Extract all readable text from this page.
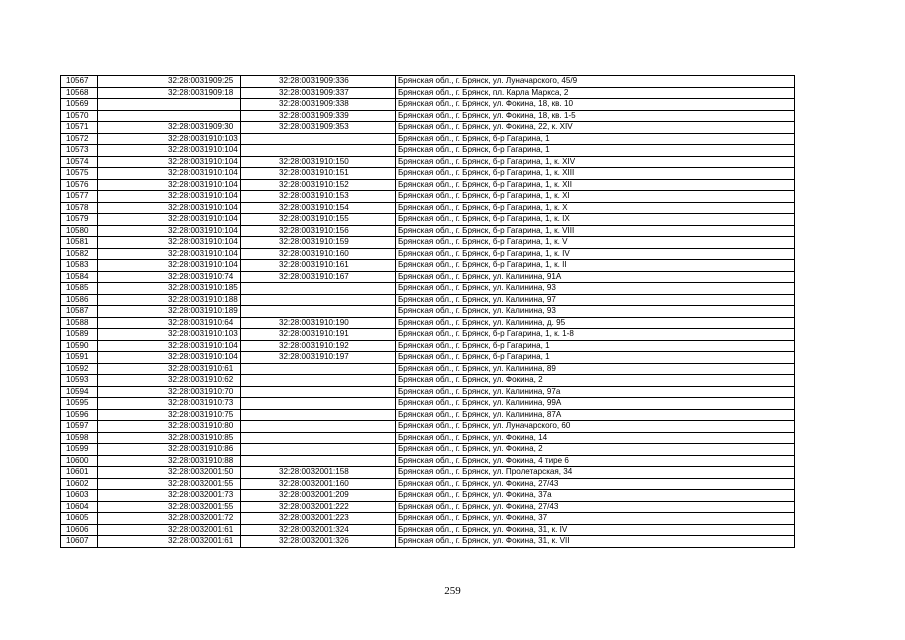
10567	32:28:0031909:25	32:28:0031909:336	Брянская обл., г. Брянск, ул. Луначарского, 45/9
10568	32:28:0031909:18	32:28:0031909:337	Брянская обл., г. Брянск, пл. Карла Маркса, 2
10569		32:28:0031909:338	Брянская обл., г. Брянск, ул. Фокина, 18, кв. 10
10570		32:28:0031909:339	Брянская обл., г. Брянск, ул. Фокина, 18, кв. 1-5
10571	32:28:0031909:30	32:28:0031909:353	Брянская обл., г. Брянск, ул. Фокина, 22, к. XIV
10572	32:28:0031910:103		Брянская обл., г. Брянск, б-р Гагарина, 1
10573	32:28:0031910:104		Брянская обл., г. Брянск, б-р Гагарина, 1
10574	32:28:0031910:104	32:28:0031910:150	Брянская обл., г. Брянск, б-р Гагарина, 1, к. XIV
10575	32:28:0031910:104	32:28:0031910:151	Брянская обл., г. Брянск, б-р Гагарина, 1, к. XIII
10576	32:28:0031910:104	32:28:0031910:152	Брянская обл., г. Брянск, б-р Гагарина, 1, к. XII
10577	32:28:0031910:104	32:28:0031910:153	Брянская обл., г. Брянск, б-р Гагарина, 1, к. XI
10578	32:28:0031910:104	32:28:0031910:154	Брянская обл., г. Брянск, б-р Гагарина, 1, к. X
10579	32:28:0031910:104	32:28:0031910:155	Брянская обл., г. Брянск, б-р Гагарина, 1, к. IX
10580	32:28:0031910:104	32:28:0031910:156	Брянская обл., г. Брянск, б-р Гагарина, 1, к. VIII
10581	32:28:0031910:104	32:28:0031910:159	Брянская обл., г. Брянск, б-р Гагарина, 1, к. V
10582	32:28:0031910:104	32:28:0031910:160	Брянская обл., г. Брянск, б-р Гагарина, 1, к. IV
10583	32:28:0031910:104	32:28:0031910:161	Брянская обл., г. Брянск, б-р Гагарина, 1, к. II
10584	32:28:0031910:74	32:28:0031910:167	Брянская обл., г. Брянск, ул. Калинина, 91А
10585	32:28:0031910:185		Брянская обл., г. Брянск, ул. Калинина, 93
10586	32:28:0031910:188		Брянская обл., г. Брянск, ул. Калинина, 97
10587	32:28:0031910:189		Брянская обл., г. Брянск, ул. Калинина, 93
10588	32:28:0031910:64	32:28:0031910:190	Брянская обл., г. Брянск, ул. Калинина, д. 95
10589	32:28:0031910:103	32:28:0031910:191	Брянская обл., г. Брянск, б-р Гагарина, 1, к. 1-8
10590	32:28:0031910:104	32:28:0031910:192	Брянская обл., г. Брянск, б-р Гагарина, 1
10591	32:28:0031910:104	32:28:0031910:197	Брянская обл., г. Брянск, б-р Гагарина, 1
10592	32:28:0031910:61		Брянская обл., г. Брянск, ул. Калинина, 89
10593	32:28:0031910:62		Брянская обл., г. Брянск, ул. Фокина, 2
10594	32:28:0031910:70		Брянская обл., г. Брянск, ул. Калинина, 97а
10595	32:28:0031910:73		Брянская обл., г. Брянск, ул. Калинина, 99А
10596	32:28:0031910:75		Брянская обл., г. Брянск, ул. Калинина, 87А
10597	32:28:0031910:80		Брянская обл., г. Брянск, ул. Луначарского, 60
10598	32:28:0031910:85		Брянская обл., г. Брянск, ул. Фокина, 14
10599	32:28:0031910:86		Брянская обл., г. Брянск, ул. Фокина, 2
10600	32:28:0031910:88		Брянская обл., г. Брянск, ул. Фокина, 4 тире 6
10601	32:28:0032001:50	32:28:0032001:158	Брянская обл., г. Брянск, ул. Пролетарская, 34
10602	32:28:0032001:55	32:28:0032001:160	Брянская обл., г. Брянск, ул. Фокина, 27/43
10603	32:28:0032001:73	32:28:0032001:209	Брянская обл., г. Брянск, ул. Фокина, 37а
10604	32:28:0032001:55	32:28:0032001:222	Брянская обл., г. Брянск, ул. Фокина, 27/43
10605	32:28:0032001:72	32:28:0032001:223	Брянская обл., г. Брянск, ул. Фокина, 37
10606	32:28:0032001:61	32:28:0032001:324	Брянская обл., г. Брянск, ул. Фокина, 31, к. IV
10607	32:28:0032001:61	32:28:0032001:326	Брянская обл., г. Брянск, ул. Фокина, 31, к. VII
259
